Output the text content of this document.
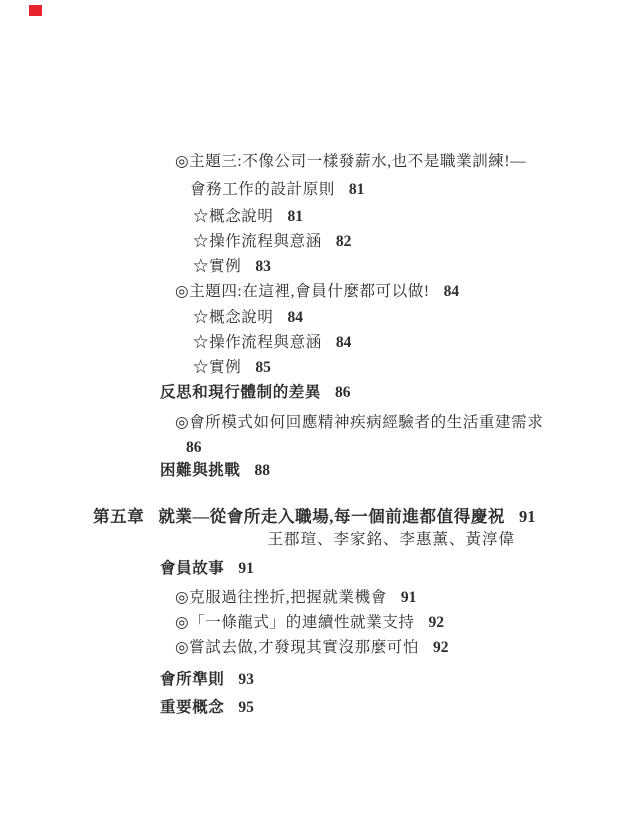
◎主題三:不像公司一樣發薪水,也不是職業訓練!—
會務工作的設計原則 81
☆概念說明 81
☆操作流程與意涵 82
☆實例 83
◎主題四:在這裡,會員什麼都可以做! 84
☆概念說明 84
☆操作流程與意涵 84
☆實例 85
反思和現行體制的差異 86
◎會所模式如何回應精神疾病經驗者的生活重建需求
86
困難與挑戰 88
第五章 就業—從會所走入職場,每一個前進都值得慶祝 91
王郡瑄、李家銘、李惠薰、黃淳偉
會員故事 91
◎克服過往挫折,把握就業機會 91
◎「一條龍式」的連續性就業支持 92
◎嘗試去做,才發現其實沒那麼可怕 92
會所準則 93
重要概念 95
